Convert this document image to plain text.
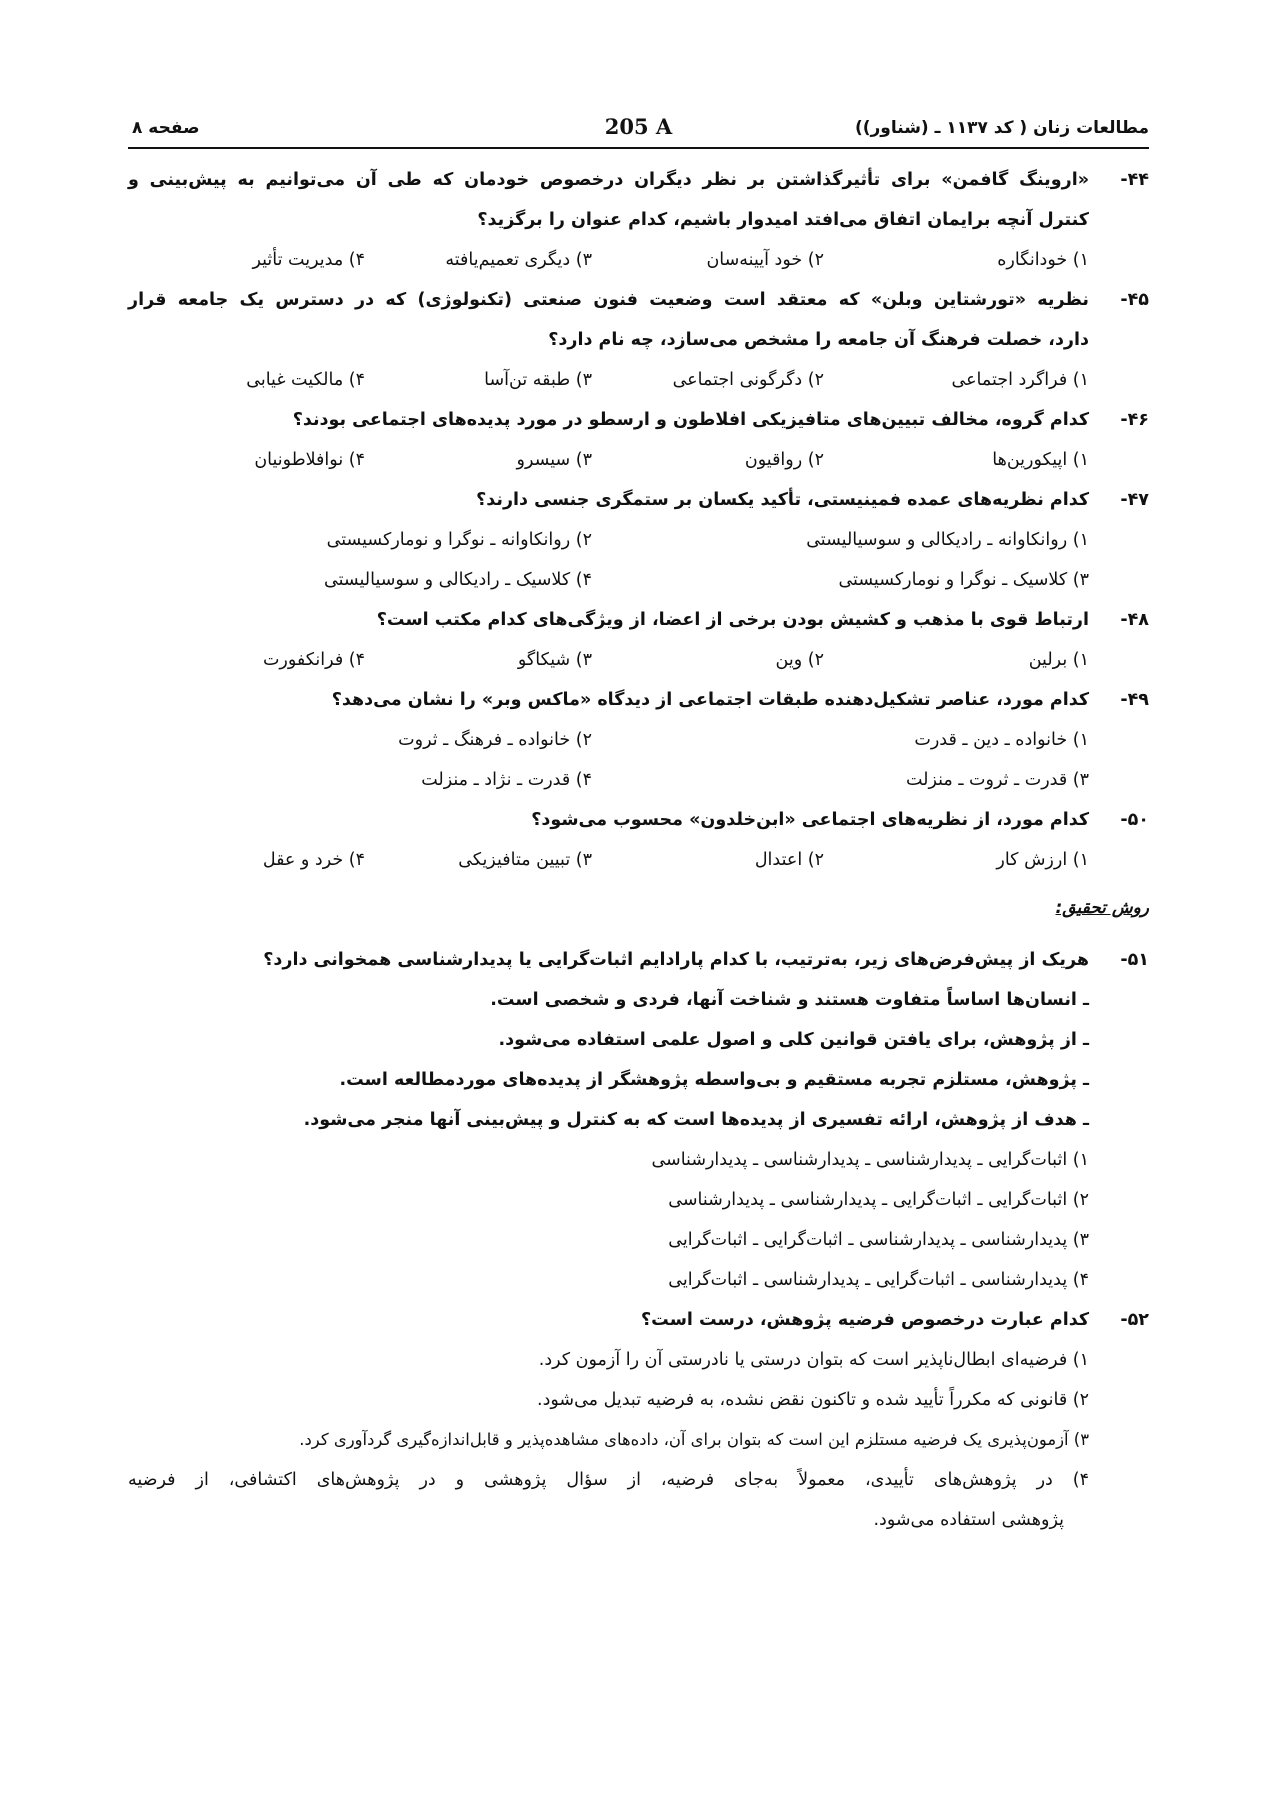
مطالعات زنان ( کد ۱۱۳۷ ـ (شناور))
205 A
صفحه ۸
۴۴-
«اروینگ گافمن» برای تأثیرگذاشتن بر نظر دیگران درخصوص خودمان که طی آن می‌توانیم به پیش‌بینی و
کنترل آنچه برایمان اتفاق می‌افتد امیدوار باشیم، کدام عنوان را برگزید؟
۱) خودانگاره
۲) خود آیینه‌سان
۳) دیگری تعمیم‌یافته
۴) مدیریت تأثیر
۴۵-
نظریه «تورشتاین وبلن» که معتقد است وضعیت فنون صنعتی (تکنولوژی) که در دسترس یک جامعه قرار
دارد، خصلت فرهنگ آن جامعه را مشخص می‌سازد، چه نام دارد؟
۱) فراگرد اجتماعی
۲) دگرگونی اجتماعی
۳) طبقه تن‌آسا
۴) مالکیت غیابی
۴۶-
کدام گروه، مخالف تبیین‌های متافیزیکی افلاطون و ارسطو در مورد پدیده‌های اجتماعی بودند؟
۱) اپیکورین‌ها
۲) رواقیون
۳) سیسرو
۴) نوافلاطونیان
۴۷-
کدام نظریه‌های عمده فمینیستی، تأکید یکسان بر ستمگری جنسی دارند؟
۱) روانکاوانه ـ رادیکالی و سوسیالیستی
۲) روانکاوانه ـ نوگرا و نومارکسیستی
۳) کلاسیک ـ نوگرا و نومارکسیستی
۴) کلاسیک ـ رادیکالی و سوسیالیستی
۴۸-
ارتباط قوی با مذهب و کشیش بودن برخی از اعضا، از ویژگی‌های کدام مکتب است؟
۱) برلین
۲) وین
۳) شیکاگو
۴) فرانکفورت
۴۹-
کدام مورد، عناصر تشکیل‌دهنده طبقات اجتماعی از دیدگاه «ماکس وبر» را نشان می‌دهد؟
۱) خانواده ـ دین ـ قدرت
۲) خانواده ـ فرهنگ ـ ثروت
۳) قدرت ـ ثروت ـ منزلت
۴) قدرت ـ نژاد ـ منزلت
۵۰-
کدام مورد، از نظریه‌های اجتماعی «ابن‌خلدون» محسوب می‌شود؟
۱) ارزش کار
۲) اعتدال
۳) تبیین متافیزیکی
۴) خرد و عقل
روش تحقیق:
۵۱-
هریک از پیش‌فرض‌های زیر، به‌ترتیب، با کدام پارادایم اثبات‌گرایی یا پدیدارشناسی همخوانی دارد؟
ـ انسان‌ها اساساً متفاوت هستند و شناخت آنها، فردی و شخصی است.
ـ از پژوهش، برای یافتن قوانین کلی و اصول علمی استفاده می‌شود.
ـ پژوهش، مستلزم تجربه مستقیم و بی‌واسطه پژوهشگر از پدیده‌های موردمطالعه است.
ـ هدف از پژوهش، ارائه تفسیری از پدیده‌ها است که به کنترل و پیش‌بینی آنها منجر می‌شود.
۱) اثبات‌گرایی ـ پدیدارشناسی ـ پدیدارشناسی ـ پدیدارشناسی
۲) اثبات‌گرایی ـ اثبات‌گرایی ـ پدیدارشناسی ـ پدیدارشناسی
۳) پدیدارشناسی ـ پدیدارشناسی ـ اثبات‌گرایی ـ اثبات‌گرایی
۴) پدیدارشناسی ـ اثبات‌گرایی ـ پدیدارشناسی ـ اثبات‌گرایی
۵۲-
کدام عبارت درخصوص فرضیه پژوهش، درست است؟
۱) فرضیه‌ای ابطال‌ناپذیر است که بتوان درستی یا نادرستی آن را آزمون کرد.
۲) قانونی که مکرراً تأیید شده و تاکنون نقض نشده، به فرضیه تبدیل می‌شود.
۳) آزمون‌پذیری یک فرضیه مستلزم این است که بتوان برای آن، داده‌های مشاهده‌پذیر و قابل‌اندازه‌گیری گردآوری کرد.
۴) در پژوهش‌های تأییدی، معمولاً به‌جای فرضیه، از سؤال پژوهشی و در پژوهش‌های اکتشافی، از فرضیه
پژوهشی استفاده می‌شود.
